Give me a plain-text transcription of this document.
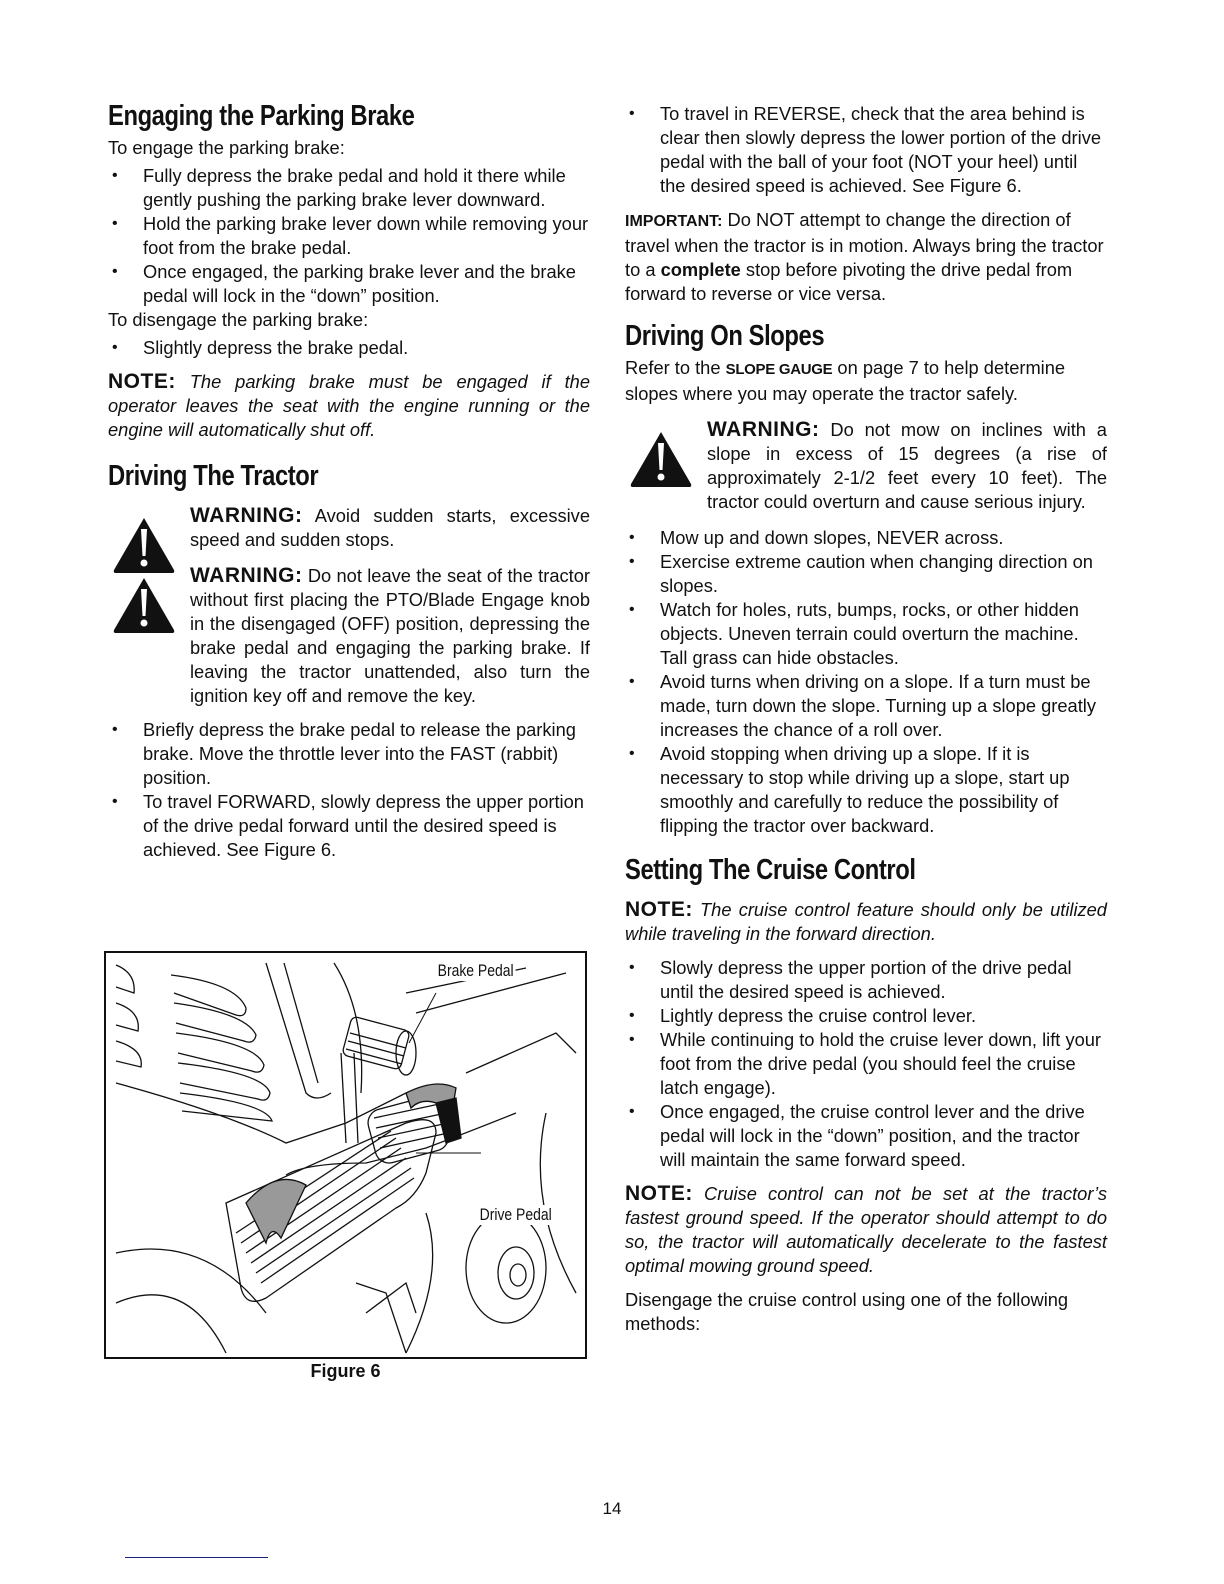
Engaging the Parking Brake

To engage the parking brake:

• Fully depress the brake pedal and hold it there while gently pushing the parking brake lever downward.
• Hold the parking brake lever down while removing your foot from the brake pedal.
• Once engaged, the parking brake lever and the brake pedal will lock in the “down” position.

To disengage the parking brake:

• Slightly depress the brake pedal.

NOTE: The parking brake must be engaged if the operator leaves the seat with the engine running or the engine will automatically shut off.

Driving The Tractor
WARNING: Avoid sudden starts, excessive speed and sudden stops.
WARNING: Do not leave the seat of the tractor without first placing the PTO/Blade Engage knob in the disengaged (OFF) position, depressing the brake pedal and engaging the parking brake. If leaving the tractor unattended, also turn the ignition key off and remove the key.
• Briefly depress the brake pedal to release the parking brake. Move the throttle lever into the FAST (rabbit) position.
• To travel FORWARD, slowly depress the upper portion of the drive pedal forward until the desired speed is achieved. See Figure 6.
Brake Pedal
Drive Pedal
Figure 6
• To travel in REVERSE, check that the area behind is clear then slowly depress the lower portion of the drive pedal with the ball of your foot (NOT your heel) until the desired speed is achieved. See Figure 6.

IMPORTANT: Do NOT attempt to change the direction of travel when the tractor is in motion. Always bring the tractor to a complete stop before pivoting the drive pedal from forward to reverse or vice versa.

Driving On Slopes

Refer to the SLOPE GAUGE on page 7 to help determine slopes where you may operate the tractor safely.

WARNING: Do not mow on inclines with a slope in excess of 15 degrees (a rise of approximately 2-1/2 feet every 10 feet). The tractor could overturn and cause serious injury.
• Mow up and down slopes, NEVER across.
• Exercise extreme caution when changing direction on slopes.
• Watch for holes, ruts, bumps, rocks, or other hidden objects. Uneven terrain could overturn the machine. Tall grass can hide obstacles.
• Avoid turns when driving on a slope. If a turn must be made, turn down the slope. Turning up a slope greatly increases the chance of a roll over.
• Avoid stopping when driving up a slope. If it is necessary to stop while driving up a slope, start up smoothly and carefully to reduce the possibility of flipping the tractor over backward.
Setting The Cruise Control

NOTE: The cruise control feature should only be utilized while traveling in the forward direction.

• Slowly depress the upper portion of the drive pedal until the desired speed is achieved.
• Lightly depress the cruise control lever.
• While continuing to hold the cruise lever down, lift your foot from the drive pedal (you should feel the cruise latch engage).
• Once engaged, the cruise control lever and the drive pedal will lock in the “down” position, and the tractor will maintain the same forward speed.

NOTE: Cruise control can not be set at the tractor’s fastest ground speed. If the operator should attempt to do so, the tractor will automatically decelerate to the fastest optimal mowing ground speed.

Disengage the cruise control using one of the following methods:

14
